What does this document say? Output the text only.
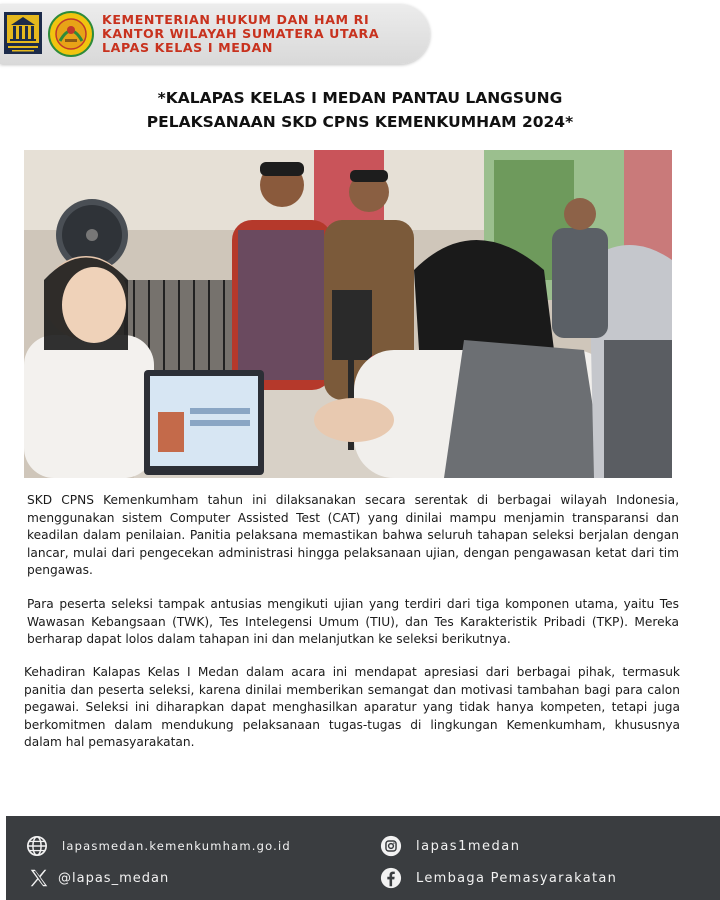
KEMENTERIAN HUKUM DAN HAM RI
KANTOR WILAYAH SUMATERA UTARA
LAPAS KELAS I MEDAN
*KALAPAS KELAS I MEDAN PANTAU LANGSUNG
PELAKSANAAN SKD CPNS KEMENKUMHAM 2024*

SKD CPNS Kemenkumham tahun ini dilaksanakan secara serentak di berbagai wilayah Indonesia, menggunakan sistem Computer Assisted Test (CAT) yang dinilai mampu menjamin transparansi dan keadilan dalam penilaian. Panitia pelaksana memastikan bahwa seluruh tahapan seleksi berjalan dengan lancar, mulai dari pengecekan administrasi hingga pelaksanaan ujian, dengan pengawasan ketat dari tim pengawas.

Para peserta seleksi tampak antusias mengikuti ujian yang terdiri dari tiga komponen utama, yaitu Tes Wawasan Kebangsaan (TWK), Tes Intelegensi Umum (TIU), dan Tes Karakteristik Pribadi (TKP). Mereka berharap dapat lolos dalam tahapan ini dan melanjutkan ke seleksi berikutnya.

Kehadiran Kalapas Kelas I Medan dalam acara ini mendapat apresiasi dari berbagai pihak, termasuk panitia dan peserta seleksi, karena dinilai memberikan semangat dan motivasi tambahan bagi para calon pegawai. Seleksi ini diharapkan dapat menghasilkan aparatur yang tidak hanya kompeten, tetapi juga berkomitmen dalam mendukung pelaksanaan tugas-tugas di lingkungan Kemenkumham, khususnya dalam hal pemasyarakatan.

lapasmedan.kemenkumham.go.id
@lapas_medan
lapas1medan
Lembaga Pemasyarakatan
